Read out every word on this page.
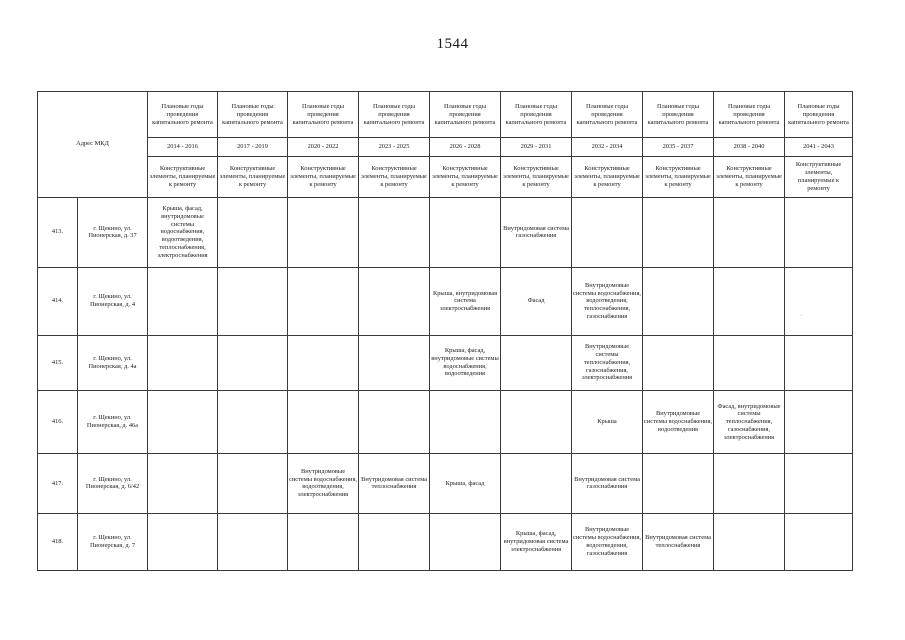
1544
Адрес МКД		Плановые годы проведения капитального ремонта	Плановые годы проведения капитального ремонта	Плановые годы проведения капитального ремонта	Плановые годы проведения капитального ремонта	Плановые годы проведения капитального ремонта	Плановые годы проведения капитального ремонта	Плановые годы проведения капитального ремонта	Плановые годы проведения капитального ремонта	Плановые годы проведения капитального ремонта	Плановые годы проведения капитального ремонта
		2014 - 2016	2017 - 2019	2020 - 2022	2023 - 2025	2026 - 2028	2029 - 2031	2032 - 2034	2035 - 2037	2038 - 2040	2041 - 2043
		Конструктивные элементы, планируемые к ремонту	Конструктивные элементы, планируемые к ремонту	Конструктивные элементы, планируемые к ремонту	Конструктивные элементы, планируемые к ремонту	Конструктивные элементы, планируемые к ремонту	Конструктивные элементы, планируемые к ремонту	Конструктивные элементы, планируемые к ремонту	Конструктивные элементы, планируемые к ремонту	Конструктивные элементы, планируемые к ремонту	Конструктивные элементы, планируемые к ремонту
413.	г. Щекино, ул. Пионерская, д. 37	Крыша, фасад, внутридомовые системы водоснабжения, водоотведения, теплоснабжения, электроснабжения					Внутридомовая система газоснабжения				
414.	г. Щекино, ул. Пионерская, д. 4					Крыша, внутридомовая система электроснабжения	Фасад	Внутридомовые системы водоснабжения, водоотведения, теплоснабжения, газоснабжения			
415.	г. Щекино, ул. Пионерская, д. 4а					Крыша, фасад, внутридомовые системы водоснабжения, водоотведения		Внутридомовые системы теплоснабжения, газоснабжения, электроснабжения			
416.	г. Щекино, ул. Пионерская, д. 46а							Крыша	Внутридомовые системы водоснабжения, водоотведения	Фасад, внутридомовые системы теплоснабжения, газоснабжения, электроснабжения	
417.	г. Щекино, ул. Пионерская, д. 6/42			Внутридомовые системы водоснабжения, водоотведения, электроснабжения	Внутридомовая система теплоснабжения	Крыша, фасад		Внутридомовая система газоснабжения			
418.	г. Щекино, ул. Пионерская, д. 7						Крыша, фасад, внутридомовая система электроснабжения	Внутридомовые системы водоснабжения, водоотведения, газоснабжения	Внутридомовая система теплоснабжения		
·
